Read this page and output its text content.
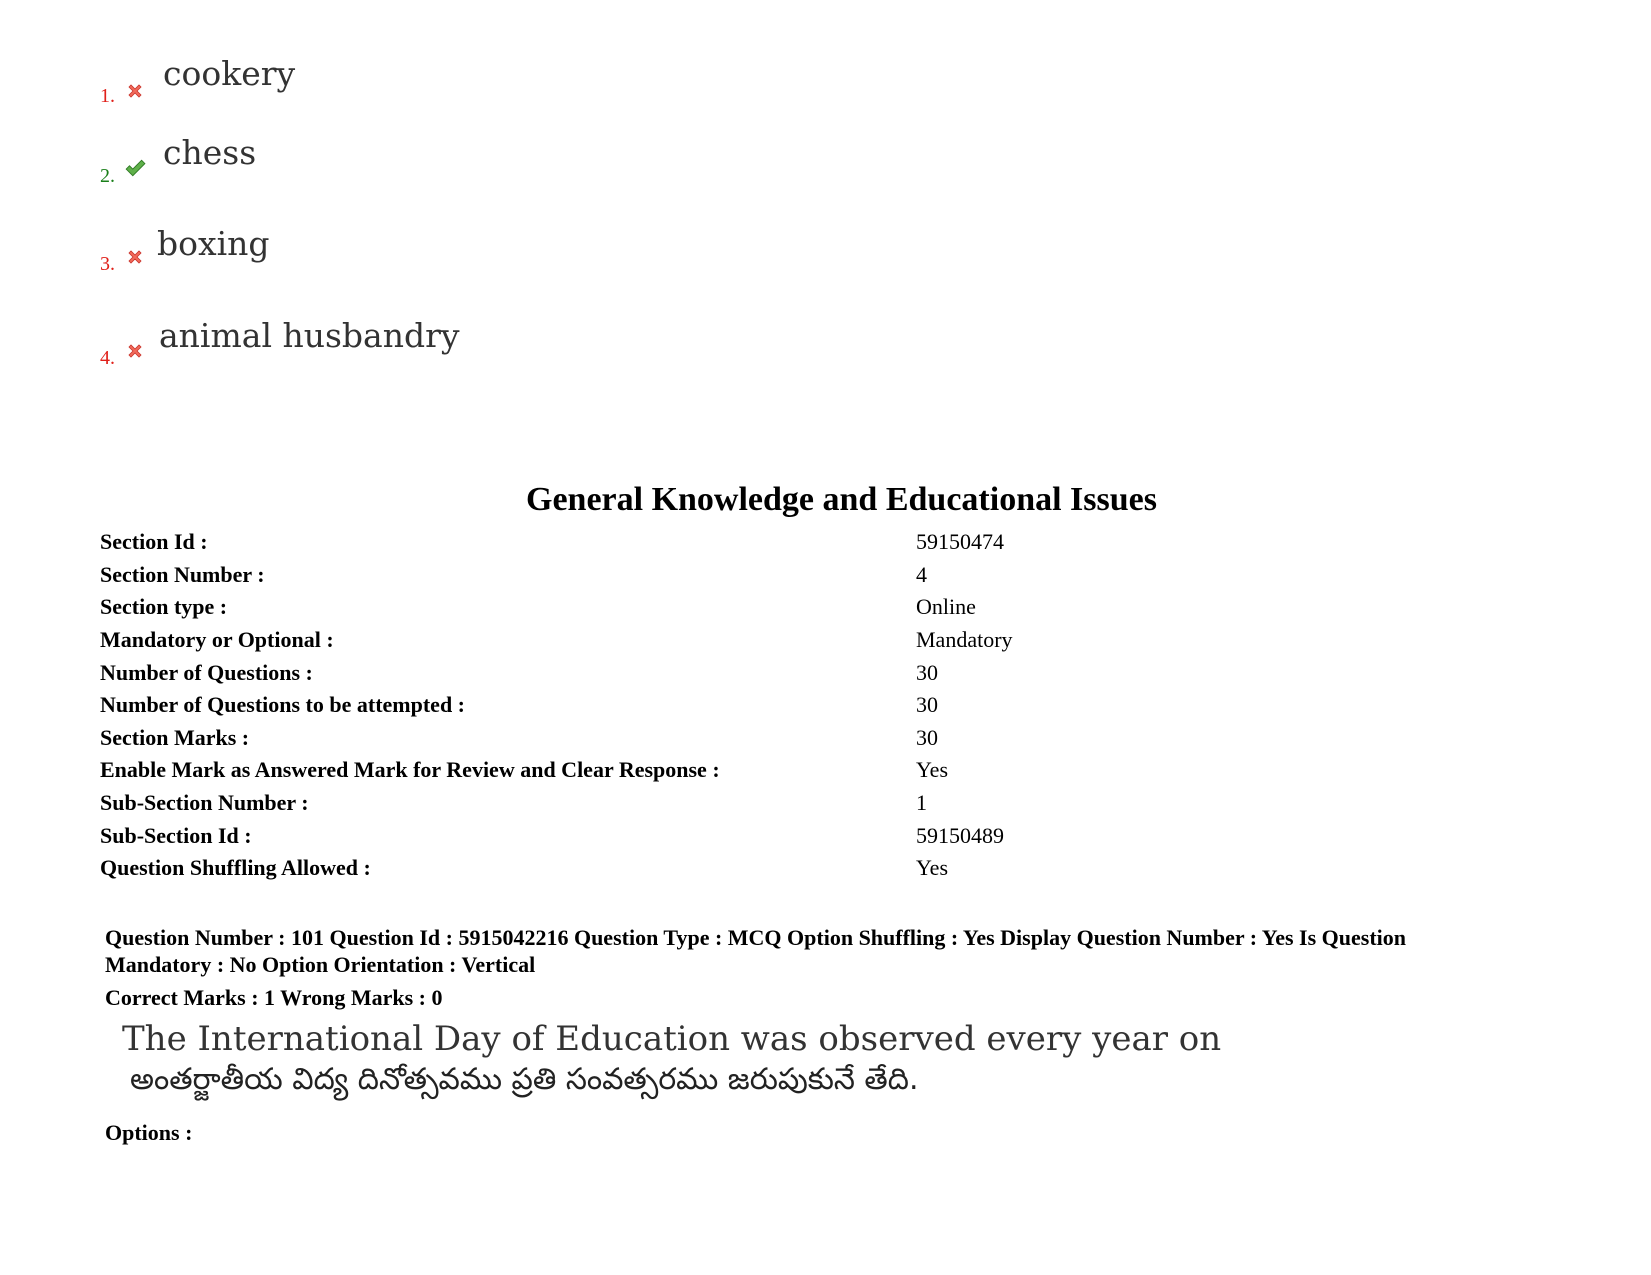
1.
cookery
2.
chess
3.
boxing
4.
animal husbandry
General Knowledge and Educational Issues
Section Id :	59150474
Section Number :	4
Section type :	Online
Mandatory or Optional :	Mandatory
Number of Questions :	30
Number of Questions to be attempted :	30
Section Marks :	30
Enable Mark as Answered Mark for Review and Clear Response :	Yes
Sub-Section Number :	1
Sub-Section Id :	59150489
Question Shuffling Allowed :	Yes
Question Number : 101 Question Id : 5915042216 Question Type : MCQ Option Shuffling : Yes Display Question Number : Yes Is Question
Mandatory : No Option Orientation : Vertical
Correct Marks : 1 Wrong Marks : 0
The International Day of Education was observed every year on
అంతర్జాతీయ విద్య దినోత్సవము ప్రతి సంవత్సరము జరుపుకునే తేది.
Options :
